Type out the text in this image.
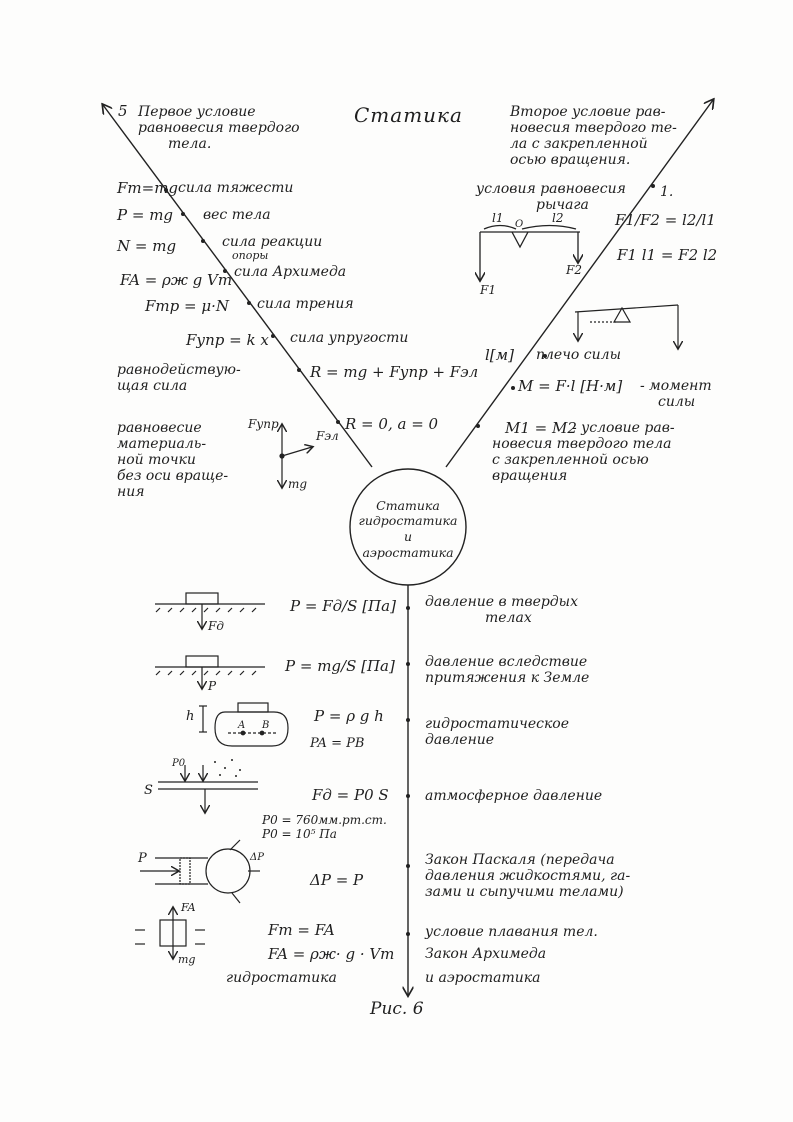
5 Первое условие
равновесия твердого
тела.
Статика	Второе условие рав-
новесия твердого те-
ла с закрепленной
осью вращения.
Fт=mg сила тяжести
P = mg вес тела
N = mg	сила реакции
опоры
FA = ρж g Vт сила Архимеда
Fтр = μ·N сила трения
Fупр = k x сила упругости
равнодействую-
щая сила
R = mg + Fупр + Fэл
равновесие
материаль-
ной точки
без оси враще-
ния
R = 0, a = 0
Fупр
Fэл
mg
условия равновесия
рычага
1.
F1/F2 = l2/l1
F1 l1 = F2 l2
l1 O l2
F1
F2
l[м] плечо силы
M = F·l [Н·м] - момент
силы
M1 = M2
- условие рав-
новесия твердого тела
с закрепленной осью
вращения
Статика
гидростатика
и
аэростатика
P = Fд/S [Па] давление в твердых
телах
Fд
P = mg/S [Па] давление вследствие
притяжения к Земле
P
P = ρ g h
PA = PB
гидростатическое
давление
h
A B
Fд = P0 S	атмосферное давление
P0 = 760мм.рт.ст.
P0 = 10⁵ Па
S
P0
ΔP = P
Закон Паскаля (передача
давления жидкостями, га-
зами и сыпучими телами)
P	ΔP
Fт = FA	условие плавания тел.
FA = ρж· g · Vт Закон Архимеда
FA
mg
гидростатика	и аэростатика
Рис. 6
